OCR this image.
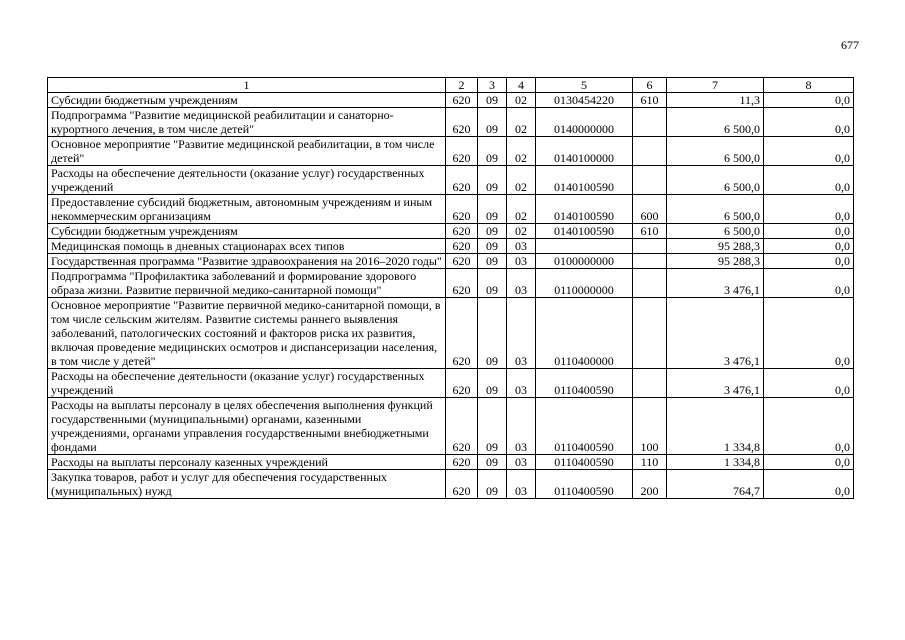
677
1	2	3	4	5	6	7	8
Субсидии бюджетным учреждениям	620	09	02	0130454220	610	11,3	0,0
Подпрограмма "Развитие медицинской реабилитации и санаторно-курортного лечения, в том числе детей"	620	09	02	0140000000		6 500,0	0,0
Основное мероприятие "Развитие медицинской реабилитации, в том числе детей"	620	09	02	0140100000		6 500,0	0,0
Расходы на обеспечение деятельности (оказание услуг) государственных учреждений	620	09	02	0140100590		6 500,0	0,0
Предоставление субсидий бюджетным, автономным учреждениям и иным некоммерческим организациям	620	09	02	0140100590	600	6 500,0	0,0
Субсидии бюджетным учреждениям	620	09	02	0140100590	610	6 500,0	0,0
Медицинская помощь в дневных стационарах всех типов	620	09	03			95 288,3	0,0
Государственная программа "Развитие здравоохранения на 2016–2020 годы"	620	09	03	0100000000		95 288,3	0,0
Подпрограмма "Профилактика заболеваний и формирование здорового образа жизни. Развитие первичной медико-санитарной помощи"	620	09	03	0110000000		3 476,1	0,0
Основное мероприятие "Развитие первичной медико-санитарной помощи, в том числе сельским жителям. Развитие системы раннего выявления заболеваний, патологических состояний и факторов риска их развития, включая проведение медицинских осмотров и диспансеризации населения, в том числе у детей"	620	09	03	0110400000		3 476,1	0,0
Расходы на обеспечение деятельности (оказание услуг) государственных учреждений	620	09	03	0110400590		3 476,1	0,0
Расходы на выплаты персоналу в целях обеспечения выполнения функций государственными (муниципальными) органами, казенными учреждениями, органами управления государственными внебюджетными фондами	620	09	03	0110400590	100	1 334,8	0,0
Расходы на выплаты персоналу казенных учреждений	620	09	03	0110400590	110	1 334,8	0,0
Закупка товаров, работ и услуг для обеспечения государственных (муниципальных) нужд	620	09	03	0110400590	200	764,7	0,0
